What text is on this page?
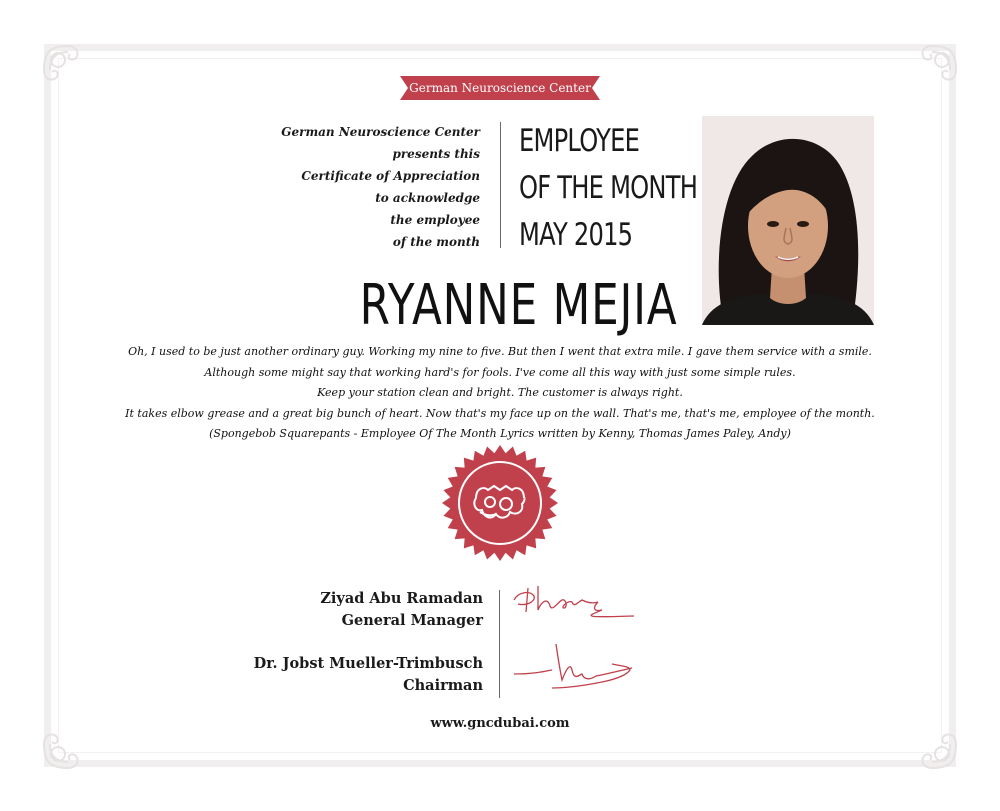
German Neuroscience Center
German Neuroscience Center
presents this
Certificate of Appreciation
to acknowledge
the employee
of the month
EMPLOYEE
OF THE MONTH
MAY 2015
RYANNE MEJIA
Oh, I used to be just another ordinary guy. Working my nine to five. But then I went that extra mile. I gave them service with a smile.
Although some might say that working hard's for fools. I've come all this way with just some simple rules.
Keep your station clean and bright. The customer is always right.
It takes elbow grease and a great big bunch of heart. Now that's my face up on the wall. That's me, that's me, employee of the month.
(Spongebob Squarepants - Employee Of The Month Lyrics written by Kenny, Thomas James Paley, Andy)
Ziyad Abu Ramadan
General Manager
Dr. Jobst Mueller-Trimbusch
Chairman
www.gncdubai.com
